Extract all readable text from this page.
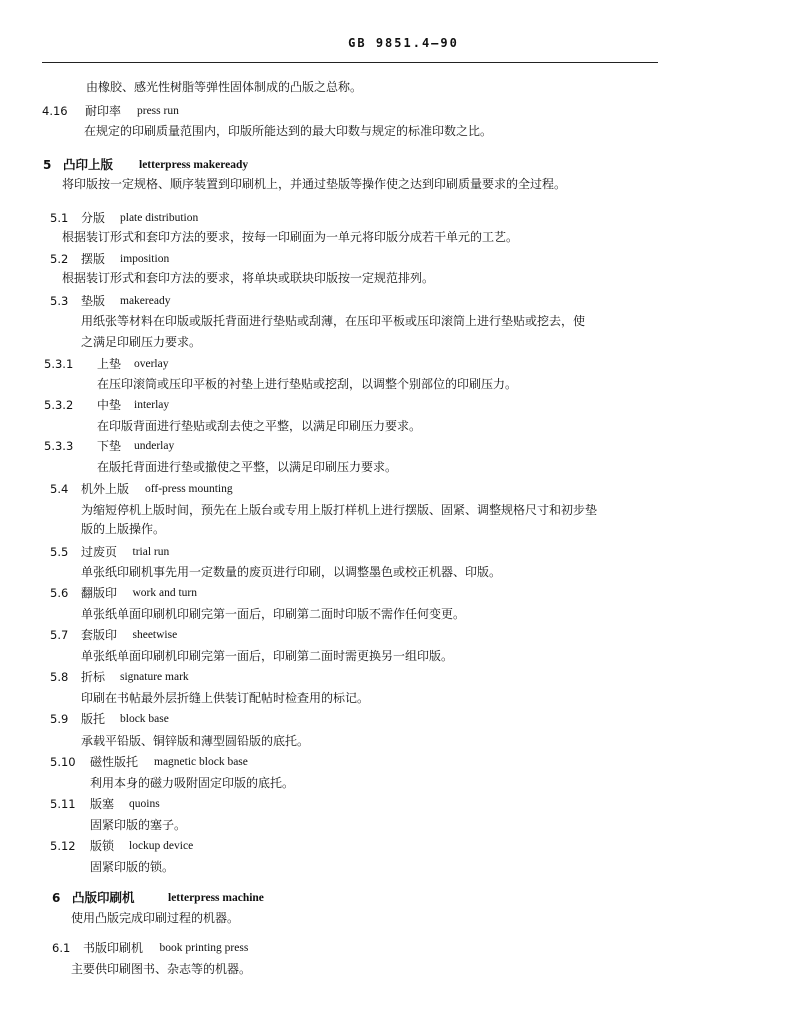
GB 9851.4—90
由橡胶、感光性树脂等弹性固体制成的凸版之总称。
4.16 耐印率 press run
在规定的印刷质量范围内，印版所能达到的最大印数与规定的标准印数之比。
5 凸印上版 letterpress makeready
将印版按一定规格、顺序装置到印刷机上，并通过垫版等操作使之达到印刷质量要求的全过程。
5.1 分版 plate distribution
根据装订形式和套印方法的要求，按每一印刷面为一单元将印版分成若干单元的工艺。
5.2 摆版 imposition
根据装订形式和套印方法的要求，将单块或联块印版按一定规范排列。
5.3 垫版 makeready
用纸张等材料在印版或版托背面进行垫贴或刮薄，在压印平板或压印滚筒上进行垫贴或挖去，使
之满足印刷压力要求。
5.3.1 上垫 overlay
在压印滚筒或压印平板的衬垫上进行垫贴或挖刮，以调整个别部位的印刷压力。
5.3.2 中垫 interlay
在印版背面进行垫贴或刮去使之平整，以满足印刷压力要求。
5.3.3 下垫 underlay
在版托背面进行垫或撤使之平整，以满足印刷压力要求。
5.4 机外上版 off-press mounting
为缩短停机上版时间，预先在上版台或专用上版打样机上进行摆版、固紧、调整规格尺寸和初步垫
版的上版操作。
5.5 过废页 trial run
单张纸印刷机事先用一定数量的废页进行印刷，以调整墨色或校正机器、印版。
5.6 翻版印 work and turn
单张纸单面印刷机印刷完第一面后，印刷第二面时印版不需作任何变更。
5.7 套版印 sheetwise
单张纸单面印刷机印刷完第一面后，印刷第二面时需更换另一组印版。
5.8 折标 signature mark
印刷在书帖最外层折缝上供装订配帖时检查用的标记。
5.9 版托 block base
承载平铅版、铜锌版和薄型圆铅版的底托。
5.10 磁性版托 magnetic block base
利用本身的磁力吸附固定印版的底托。
5.11 版塞 quoins
固紧印版的塞子。
5.12 版锁 lockup device
固紧印版的锁。
6 凸版印刷机	letterpress machine
使用凸版完成印刷过程的机器。
6.1 书版印刷机 book printing press
主要供印刷图书、杂志等的机器。
